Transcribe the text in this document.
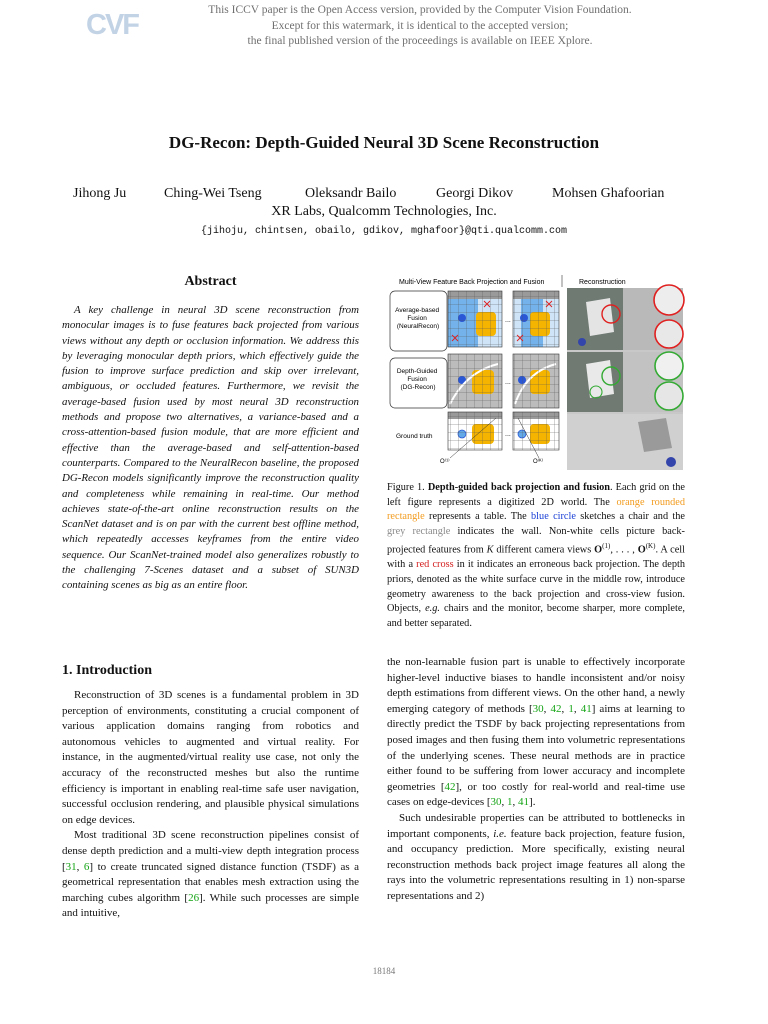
CVF	This ICCV paper is the Open Access version, provided by the Computer Vision Foundation.
Except for this watermark, it is identical to the accepted version;
the final published version of the proceedings is available on IEEE Xplore.
DG-Recon: Depth-Guided Neural 3D Scene Reconstruction
Jihong Ju	Ching-Wei Tseng	Oleksandr Bailo	Georgi Dikov	Mohsen Ghafoorian
XR Labs, Qualcomm Technologies, Inc.
{jihoju, chintsen, obailo, gdikov, mghafoor}@qti.qualcomm.com
Abstract
A key challenge in neural 3D scene reconstruction from monocular images is to fuse features back projected from various views without any depth or occlusion information. We address this by leveraging monocular depth priors, which effectively guide the fusion to improve surface prediction and skip over irrelevant, ambiguous, or occluded features. Furthermore, we revisit the average-based fusion used by most neural 3D reconstruction methods and propose two alternatives, a variance-based and a cross-attention-based fusion module, that are more efficient and effective than the average-based and self-attention-based counterparts. Compared to the NeuralRecon baseline, the proposed DG-Recon models significantly improve the reconstruction quality and completeness while remaining in real-time. Our method achieves state-of-the-art online reconstruction results on the ScanNet dataset and is on par with the current best offline method, which repeatedly accesses keyframes from the entire video sequence. Our ScanNet-trained model also generalizes robustly to the challenging 7-Scenes dataset and a subset of SUN3D containing scenes as big as an entire floor.
Multi-View Feature Back Projection and Fusion	Reconstruction
Average-based Fusion (NeuralRecon)
...
Depth-Guided Fusion (DG-Recon)
...
Ground truth	...
O⁽¹⁾	O⁽ᴷ⁾
Figure 1. Depth-guided back projection and fusion. Each grid on the left figure represents a digitized 2D world. The orange rounded rectangle represents a table. The blue circle sketches a chair and the grey rectangle indicates the wall. Non-white cells picture back-projected features from K different camera views $O^{(1)}$, . . . , $O^{(K)}$. A cell with a red cross in it indicates an erroneous back projection. The depth priors, denoted as the white surface curve in the middle row, introduce geometry awareness to the back projection and cross-view fusion. Objects, e.g. chairs and the monitor, become sharper, more complete, and better separated.
1. Introduction

Reconstruction of 3D scenes is a fundamental problem in 3D perception of environments, constituting a crucial component of various application domains ranging from robotics and autonomous vehicles to augmented and virtual reality. For instance, in the augmented/virtual reality use case, not only the accuracy of the reconstructed meshes but also the runtime efficiency is important in enabling real-time safe user navigation, successful occlusion rendering, and plausible physical simulations on edge devices.

Most traditional 3D scene reconstruction pipelines consist of dense depth prediction and a multi-view depth integration process [31, 6] to create truncated signed distance function (TSDF) as a geometrical representation that enables mesh extraction using the marching cubes algorithm [26]. While such processes are simple and intuitive,

the non-learnable fusion part is unable to effectively incorporate higher-level inductive biases to handle inconsistent and/or noisy depth estimations from different views. On the other hand, a newly emerging category of methods [30, 42, 1, 41] aims at learning to directly predict the TSDF by back projecting representations from posed images and then fusing them into volumetric representations of the underlying scenes. These neural methods are in practice either found to be suffering from lower accuracy and incomplete geometries [42], or too costly for real-world and real-time use cases on edge-devices [30, 1, 41].

Such undesirable properties can be attributed to bottlenecks in important components, i.e. feature back projection, feature fusion, and occupancy prediction. More specifically, existing neural reconstruction methods back project image features all along the rays into the volumetric representations resulting in 1) non-sparse representations and 2)

18184
